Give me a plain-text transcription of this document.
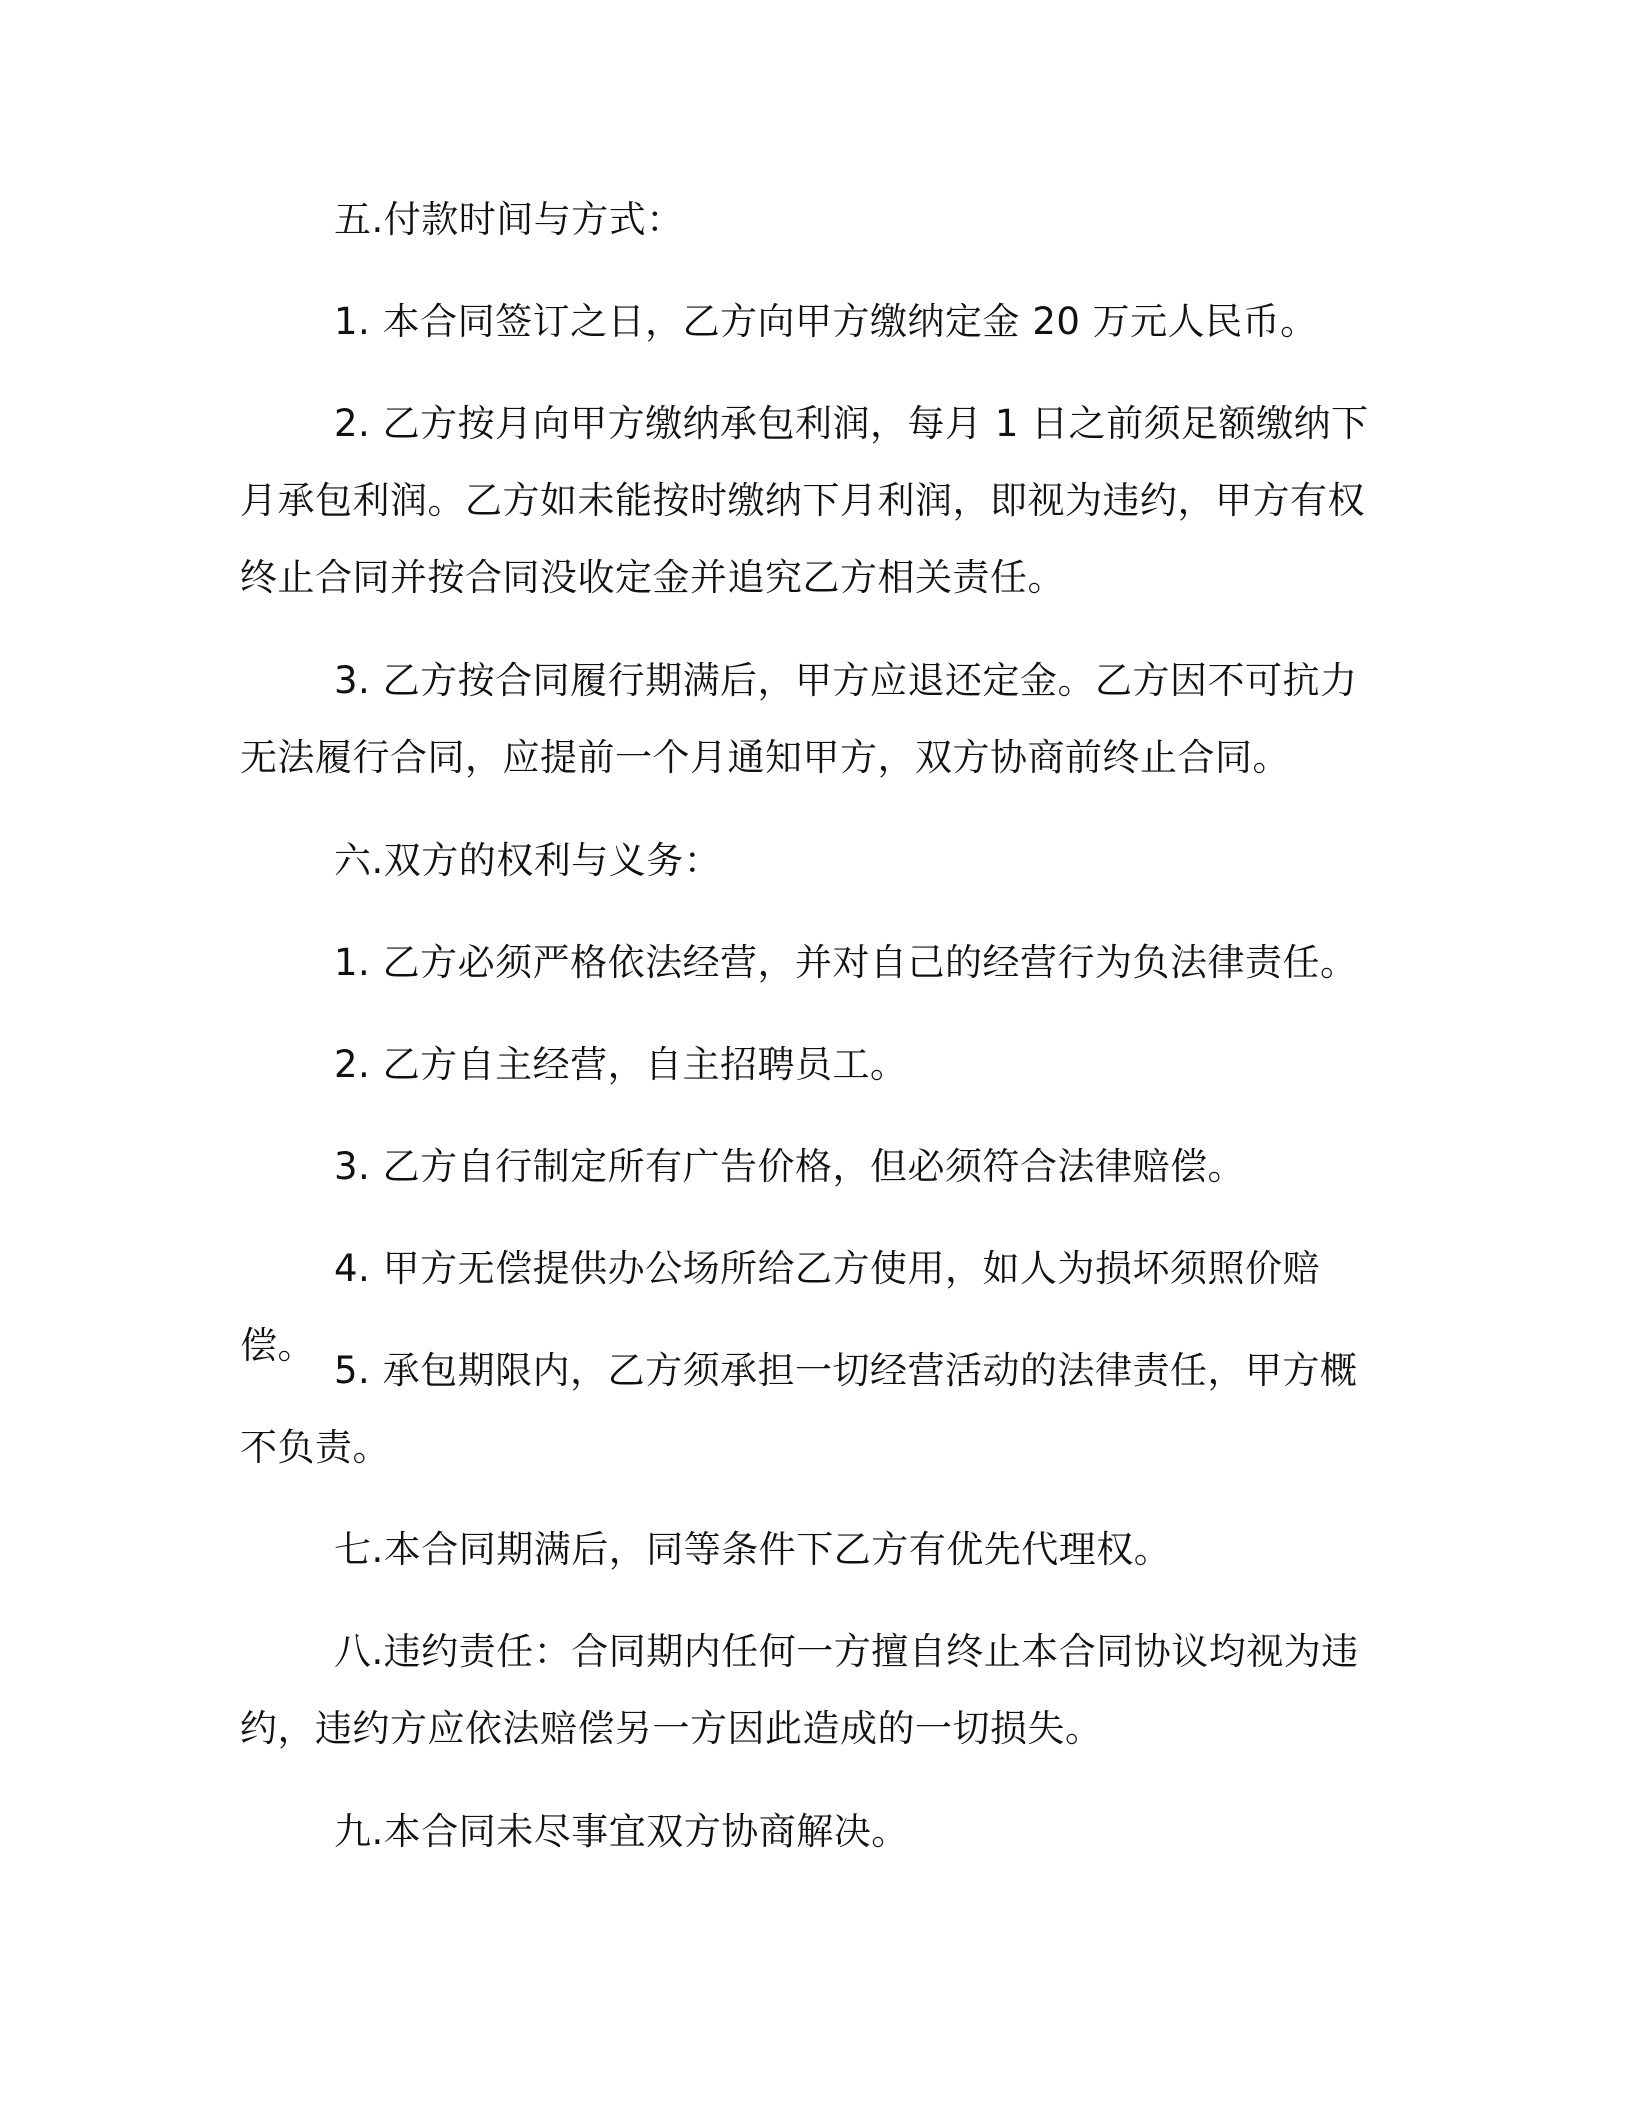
五.付款时间与方式：

1. 本合同签订之日，乙方向甲方缴纳定金 20 万元人民币。

2. 乙方按月向甲方缴纳承包利润，每月 1 日之前须足额缴纳下月承包利润。乙方如未能按时缴纳下月利润，即视为违约，甲方有权终止合同并按合同没收定金并追究乙方相关责任。

3. 乙方按合同履行期满后，甲方应退还定金。乙方因不可抗力无法履行合同，应提前一个月通知甲方，双方协商前终止合同。

六.双方的权利与义务：

1. 乙方必须严格依法经营，并对自己的经营行为负法律责任。

2. 乙方自主经营，自主招聘员工。

3. 乙方自行制定所有广告价格，但必须符合法律赔偿。

4. 甲方无偿提供办公场所给乙方使用，如人为损坏须照价赔偿。

5. 承包期限内，乙方须承担一切经营活动的法律责任，甲方概不负责。

七.本合同期满后，同等条件下乙方有优先代理权。

八.违约责任：合同期内任何一方擅自终止本合同协议均视为违约，违约方应依法赔偿另一方因此造成的一切损失。

九.本合同未尽事宜双方协商解决。
